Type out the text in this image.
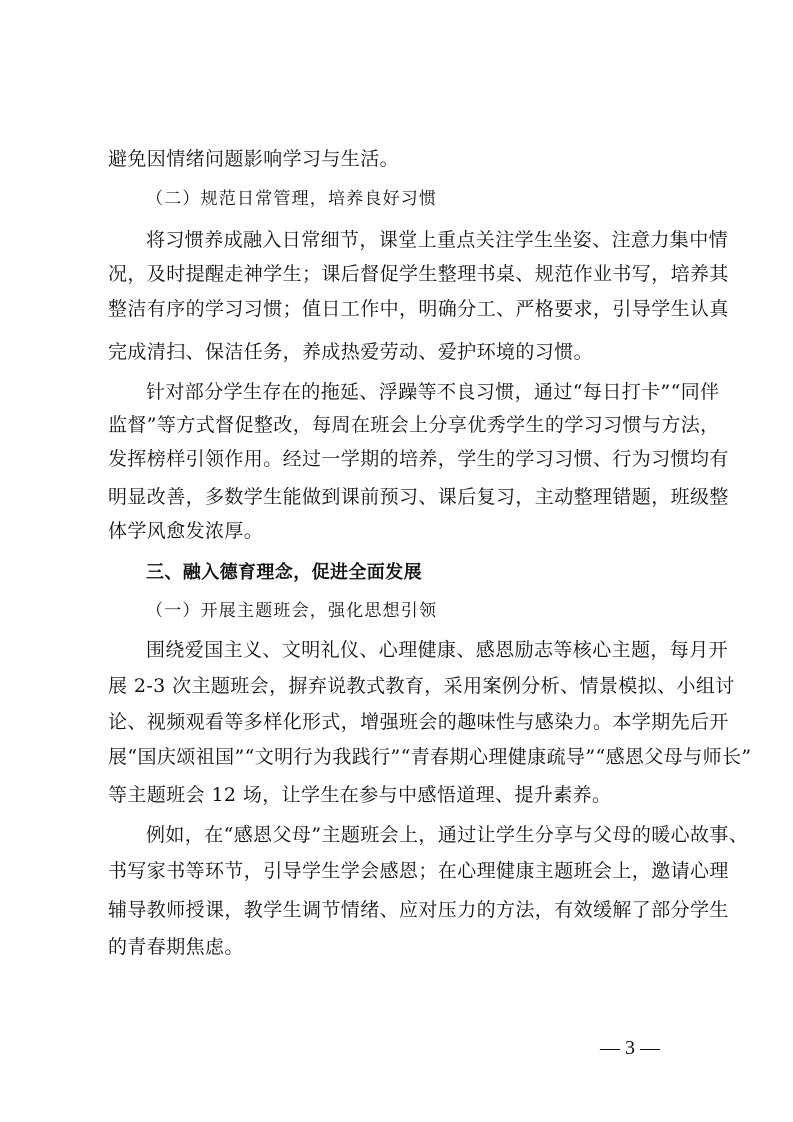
避免因情绪问题影响学习与生活。
（二）规范日常管理，培养良好习惯
将习惯养成融入日常细节，课堂上重点关注学生坐姿、注意力集中情
况，及时提醒走神学生；课后督促学生整理书桌、规范作业书写，培养其
整洁有序的学习习惯；值日工作中，明确分工、严格要求，引导学生认真
完成清扫、保洁任务，养成热爱劳动、爱护环境的习惯。
针对部分学生存在的拖延、浮躁等不良习惯，通过“每日打卡”“同伴
监督”等方式督促整改，每周在班会上分享优秀学生的学习习惯与方法，
发挥榜样引领作用。经过一学期的培养，学生的学习习惯、行为习惯均有
明显改善，多数学生能做到课前预习、课后复习，主动整理错题，班级整
体学风愈发浓厚。
三、融入德育理念，促进全面发展
（一）开展主题班会，强化思想引领
围绕爱国主义、文明礼仪、心理健康、感恩励志等核心主题，每月开
展 2-3 次主题班会，摒弃说教式教育，采用案例分析、情景模拟、小组讨
论、视频观看等多样化形式，增强班会的趣味性与感染力。本学期先后开
展“国庆颂祖国”“文明行为我践行”“青春期心理健康疏导”“感恩父母与师长”
等主题班会 12 场，让学生在参与中感悟道理、提升素养。
例如，在“感恩父母”主题班会上，通过让学生分享与父母的暖心故事、
书写家书等环节，引导学生学会感恩；在心理健康主题班会上，邀请心理
辅导教师授课，教学生调节情绪、应对压力的方法，有效缓解了部分学生
的青春期焦虑。
— 3 —
